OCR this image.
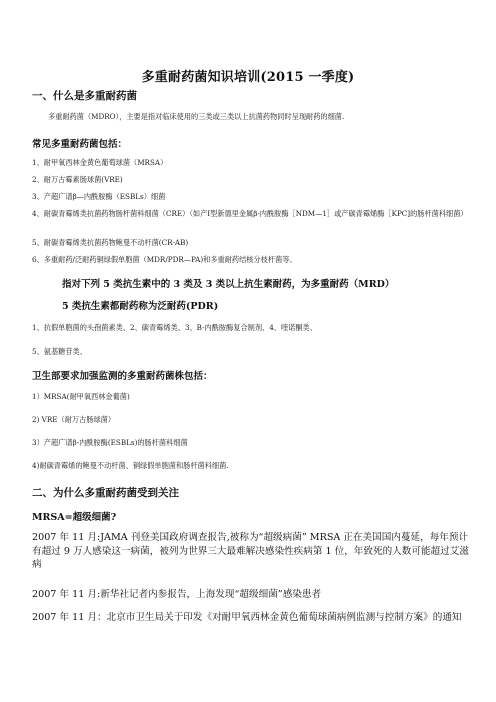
多重耐药菌知识培训(2015 一季度)
一、什么是多重耐药菌
多重耐药菌（MDRO），主要是指对临床使用的三类或三类以上抗菌药物同时呈现耐药的细菌.
常见多重耐药菌包括：
1、耐甲氧西林金黄色葡萄球菌（MRSA）
2、耐万古霉素肠球菌(VRE)
3、产超广谱β—内酰胺酶（ESBLs）细菌
4、耐碳青霉烯类抗菌药物肠杆菌科细菌（CRE）（如产Ⅰ型新德里金属β-内酰胺酶［NDM—1］或产碳青霉烯酶［KPC]的肠杆菌科细菌）
5、耐碳青霉烯类抗菌药物鲍曼不动杆菌(CR-AB)
6、多重耐药/泛耐药铜绿假单胞菌（MDR/PDR—PA)和多重耐药结核分枝杆菌等。
指对下列 5 类抗生素中的 3 类及 3 类以上抗生素耐药，为多重耐药（MRD）
5 类抗生素都耐药称为泛耐药(PDR)
1、抗假单胞菌的头孢菌素类、2、碳青霉烯类、3、B-内酰胺酶复合制剂、4、喹诺酮类、
5、氨基糖苷类、
卫生部要求加强监测的多重耐药菌株包括：
1）MRSA(耐甲氧西林金葡菌)
2) VRE（耐万古肠球菌）
3）产超广谱β-内酰胺酶(ESBLs)的肠杆菌科细菌
4)耐碳青霉烯的鲍曼不动杆菌、铜绿假单胞菌和肠杆菌科细菌.
二、为什么多重耐药菌受到关注
MRSA=超级细菌?
2007 年 11 月:JAMA 刊登美国政府调查报告,被称为“超级病菌” MRSA 正在美国国内蔓延，每年预计有超过 9 万人感染这一病菌，被列为世界三大最难解决感染性疾病第 1 位，年致死的人数可能超过艾滋病
2007 年 11 月:新华社记者内参报告，上海发现“超级细菌”感染患者
2007 年 11 月：北京市卫生局关于印发《对耐甲氧西林金黄色葡萄球菌病例监测与控制方案》的通知
